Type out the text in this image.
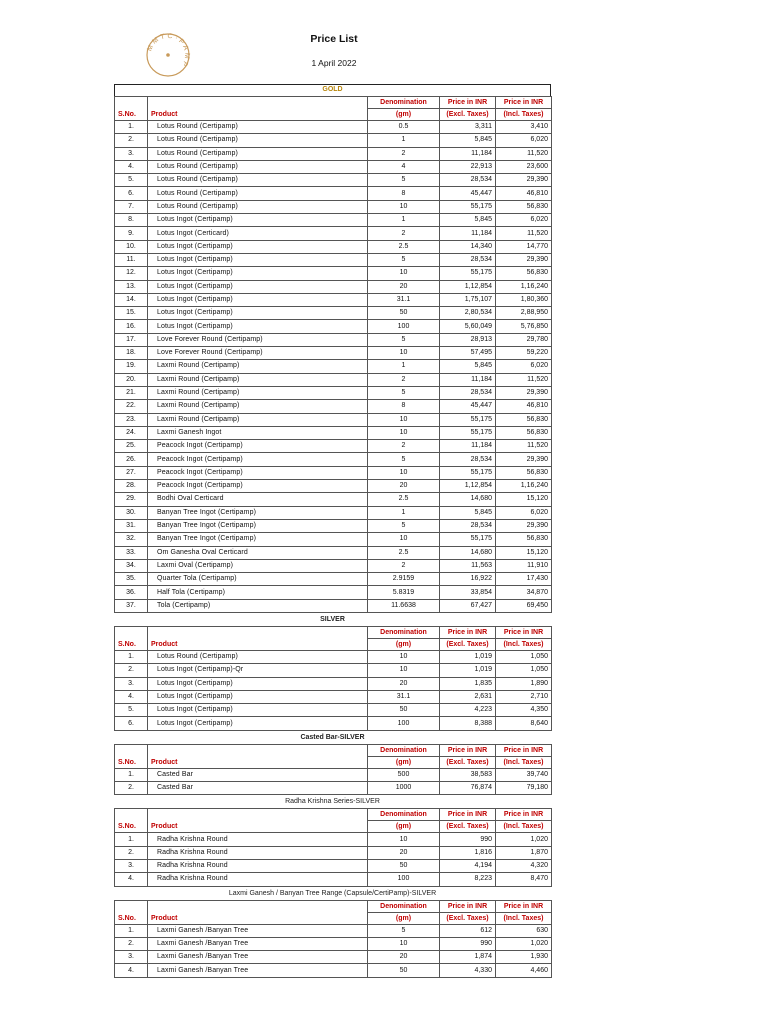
MMTC·PAMP
Price List
1 April 2022
GOLD
S.No.	Product	Denomination	Price in INR	Price in INR
		(gm)	(Excl. Taxes)	(Incl. Taxes)
1.	Lotus Round (Certipamp)	0.5	3,311	3,410
2.	Lotus Round (Certipamp)	1	5,845	6,020
3.	Lotus Round (Certipamp)	2	11,184	11,520
4.	Lotus Round (Certipamp)	4	22,913	23,600
5.	Lotus Round (Certipamp)	5	28,534	29,390
6.	Lotus Round (Certipamp)	8	45,447	46,810
7.	Lotus Round (Certipamp)	10	55,175	56,830
8.	Lotus Ingot (Certipamp)	1	5,845	6,020
9.	Lotus Ingot (Certicard)	2	11,184	11,520
10.	Lotus Ingot (Certipamp)	2.5	14,340	14,770
11.	Lotus Ingot (Certipamp)	5	28,534	29,390
12.	Lotus Ingot (Certipamp)	10	55,175	56,830
13.	Lotus Ingot (Certipamp)	20	1,12,854	1,16,240
14.	Lotus Ingot (Certipamp)	31.1	1,75,107	1,80,360
15.	Lotus Ingot (Certipamp)	50	2,80,534	2,88,950
16.	Lotus Ingot (Certipamp)	100	5,60,049	5,76,850
17.	Love Forever Round (Certipamp)	5	28,913	29,780
18.	Love Forever Round (Certipamp)	10	57,495	59,220
19.	Laxmi Round (Certipamp)	1	5,845	6,020
20.	Laxmi Round (Certipamp)	2	11,184	11,520
21.	Laxmi Round (Certipamp)	5	28,534	29,390
22.	Laxmi Round (Certipamp)	8	45,447	46,810
23.	Laxmi Round (Certipamp)	10	55,175	56,830
24.	Laxmi Ganesh Ingot	10	55,175	56,830
25.	Peacock Ingot (Certipamp)	2	11,184	11,520
26.	Peacock Ingot (Certipamp)	5	28,534	29,390
27.	Peacock Ingot (Certipamp)	10	55,175	56,830
28.	Peacock Ingot (Certipamp)	20	1,12,854	1,16,240
29.	Bodhi Oval Certicard	2.5	14,680	15,120
30.	Banyan Tree Ingot (Certipamp)	1	5,845	6,020
31.	Banyan Tree Ingot (Certipamp)	5	28,534	29,390
32.	Banyan Tree Ingot (Certipamp)	10	55,175	56,830
33.	Om Ganesha Oval Certicard	2.5	14,680	15,120
34.	Laxmi Oval (Certipamp)	2	11,563	11,910
35.	Quarter Tola (Certipamp)	2.9159	16,922	17,430
36.	Half Tola (Certipamp)	5.8319	33,854	34,870
37.	Tola (Certipamp)	11.6638	67,427	69,450
SILVER
S.No.	Product	Denomination	Price in INR	Price in INR
		(gm)	(Excl. Taxes)	(Incl. Taxes)
1.	Lotus Round (Certipamp)	10	1,019	1,050
2.	Lotus Ingot (Certipamp)-Qr	10	1,019	1,050
3.	Lotus Ingot (Certipamp)	20	1,835	1,890
4.	Lotus Ingot (Certipamp)	31.1	2,631	2,710
5.	Lotus Ingot (Certipamp)	50	4,223	4,350
6.	Lotus Ingot (Certipamp)	100	8,388	8,640
Casted Bar-SILVER
S.No.	Product	Denomination	Price in INR	Price in INR
		(gm)	(Excl. Taxes)	(Incl. Taxes)
1.	Casted Bar	500	38,583	39,740
2.	Casted Bar	1000	76,874	79,180
Radha Krishna Series-SILVER
S.No.	Product	Denomination	Price in INR	Price in INR
		(gm)	(Excl. Taxes)	(Incl. Taxes)
1.	Radha Krishna Round	10	990	1,020
2.	Radha Krishna Round	20	1,816	1,870
3.	Radha Krishna Round	50	4,194	4,320
4.	Radha Krishna Round	100	8,223	8,470
Laxmi Ganesh / Banyan Tree Range (Capsule/CertiPamp)-SILVER
S.No.	Product	Denomination	Price in INR	Price in INR
		(gm)	(Excl. Taxes)	(Incl. Taxes)
1.	Laxmi Ganesh /Banyan Tree	5	612	630
2.	Laxmi Ganesh /Banyan Tree	10	990	1,020
3.	Laxmi Ganesh /Banyan Tree	20	1,874	1,930
4.	Laxmi Ganesh /Banyan Tree	50	4,330	4,460
